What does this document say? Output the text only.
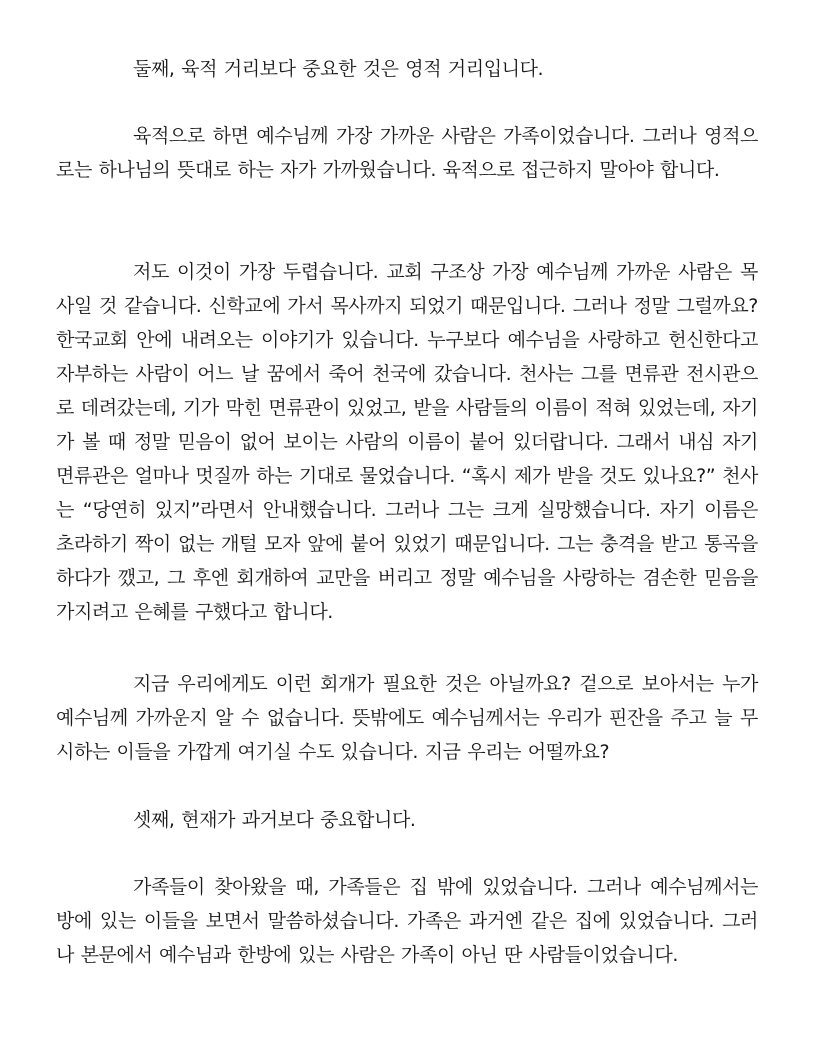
둘째, 육적 거리보다 중요한 것은 영적 거리입니다.

육적으로 하면 예수님께 가장 가까운 사람은 가족이었습니다. 그러나 영적으로는 하나님의 뜻대로 하는 자가 가까웠습니다. 육적으로 접근하지 말아야 합니다.

저도 이것이 가장 두렵습니다. 교회 구조상 가장 예수님께 가까운 사람은 목사일 것 같습니다. 신학교에 가서 목사까지 되었기 때문입니다. 그러나 정말 그럴까요? 한국교회 안에 내려오는 이야기가 있습니다. 누구보다 예수님을 사랑하고 헌신한다고 자부하는 사람이 어느 날 꿈에서 죽어 천국에 갔습니다. 천사는 그를 면류관 전시관으로 데려갔는데, 기가 막힌 면류관이 있었고, 받을 사람들의 이름이 적혀 있었는데, 자기가 볼 때 정말 믿음이 없어 보이는 사람의 이름이 붙어 있더랍니다. 그래서 내심 자기 면류관은 얼마나 멋질까 하는 기대로 물었습니다. “혹시 제가 받을 것도 있나요?” 천사는 “당연히 있지”라면서 안내했습니다. 그러나 그는 크게 실망했습니다. 자기 이름은 초라하기 짝이 없는 개털 모자 앞에 붙어 있었기 때문입니다. 그는 충격을 받고 통곡을 하다가 깼고, 그 후엔 회개하여 교만을 버리고 정말 예수님을 사랑하는 겸손한 믿음을 가지려고 은혜를 구했다고 합니다.

지금 우리에게도 이런 회개가 필요한 것은 아닐까요? 겉으로 보아서는 누가 예수님께 가까운지 알 수 없습니다. 뜻밖에도 예수님께서는 우리가 핀잔을 주고 늘 무시하는 이들을 가깝게 여기실 수도 있습니다. 지금 우리는 어떨까요?

셋째, 현재가 과거보다 중요합니다.

가족들이 찾아왔을 때, 가족들은 집 밖에 있었습니다. 그러나 예수님께서는 방에 있는 이들을 보면서 말씀하셨습니다. 가족은 과거엔 같은 집에 있었습니다. 그러나 본문에서 예수님과 한방에 있는 사람은 가족이 아닌 딴 사람들이었습니다.
